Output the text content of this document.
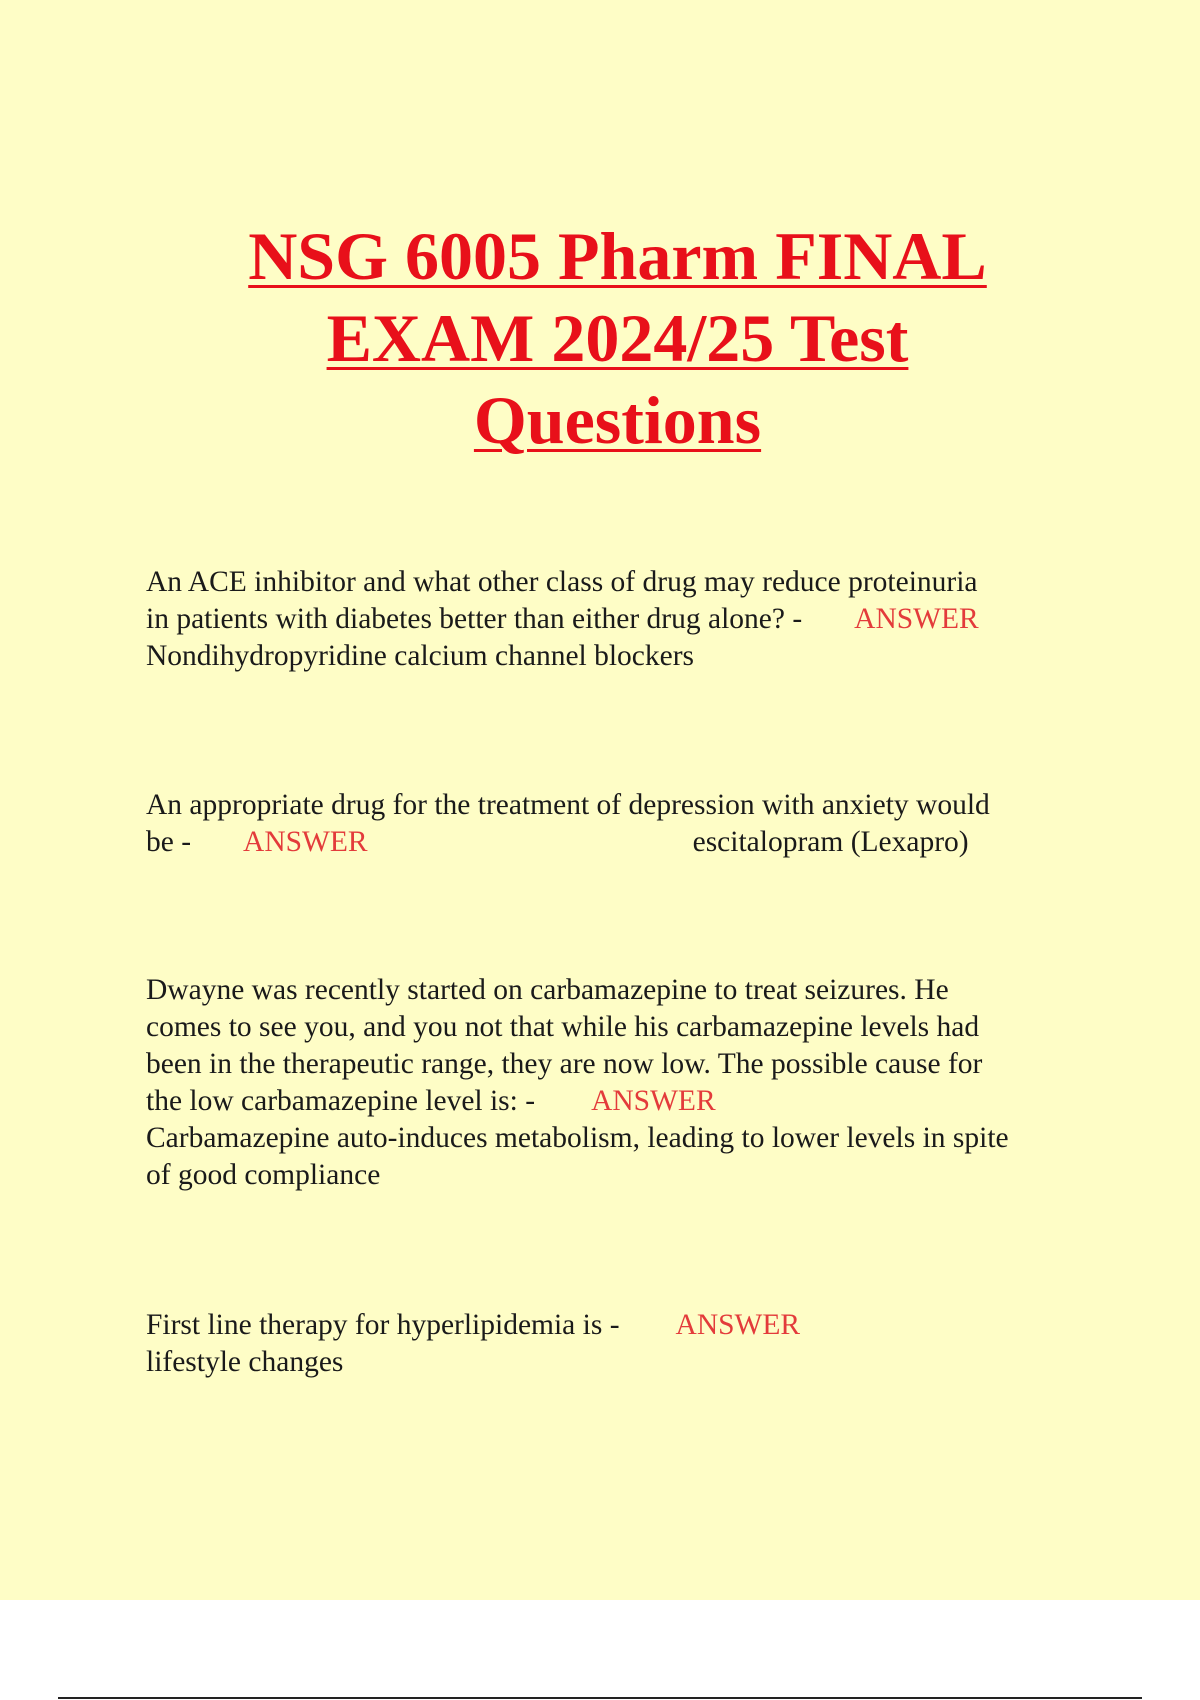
NSG 6005 Pharm FINAL
EXAM 2024/25 Test
Questions
An ACE inhibitor and what other class of drug may reduce proteinuria
in patients with diabetes better than either drug alone? - ANSWER
Nondihydropyridine calcium channel blockers
An appropriate drug for the treatment of depression with anxiety would
be - ANSWER	escitalopram (Lexapro)
Dwayne was recently started on carbamazepine to treat seizures. He
comes to see you, and you not that while his carbamazepine levels had
been in the therapeutic range, they are now low. The possible cause for
the low carbamazepine level is: - ANSWER
Carbamazepine auto-induces metabolism, leading to lower levels in spite
of good compliance
First line therapy for hyperlipidemia is - ANSWER
lifestyle changes
